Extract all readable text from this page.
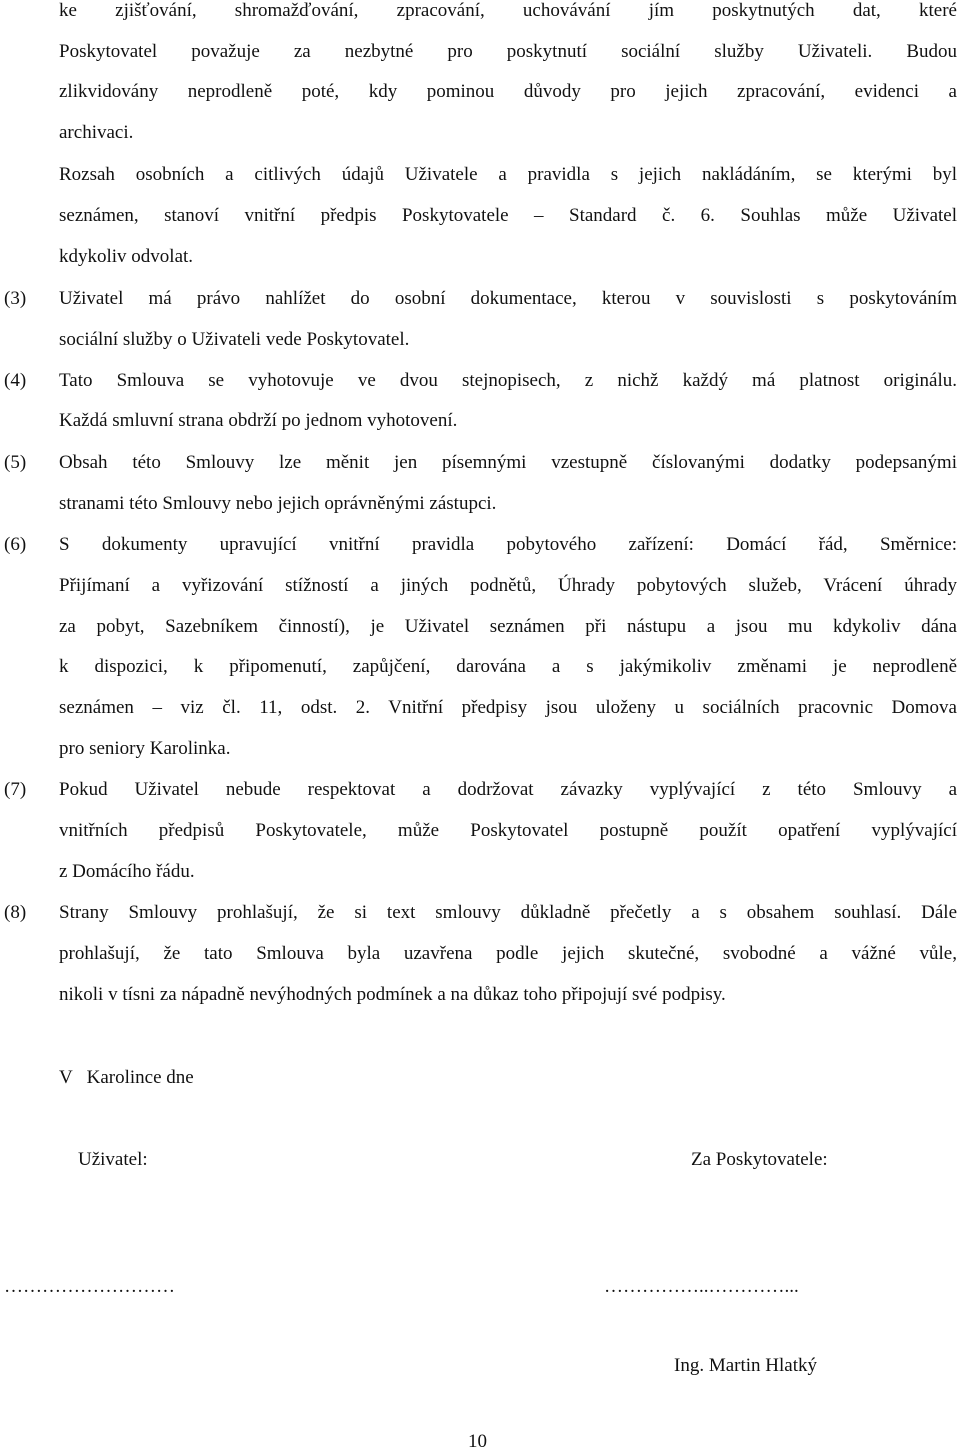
ke zjišťování, shromažďování, zpracování, uchovávání jím poskytnutých dat, které
Poskytovatel považuje za nezbytné pro poskytnutí sociální služby Uživateli. Budou
zlikvidovány neprodleně poté, kdy pominou důvody pro jejich zpracování, evidenci a
archivaci.
Rozsah osobních a citlivých údajů Uživatele a pravidla s jejich nakládáním, se kterými byl
seznámen, stanoví vnitřní předpis Poskytovatele – Standard č. 6. Souhlas může Uživatel
kdykoliv odvolat.
(3) Uživatel má právo nahlížet do osobní dokumentace, kterou v souvislosti s poskytováním
sociální služby o Uživateli vede Poskytovatel.
(4) Tato Smlouva se vyhotovuje ve dvou stejnopisech, z nichž každý má platnost originálu.
Každá smluvní strana obdrží po jednom vyhotovení.
(5) Obsah této Smlouvy lze měnit jen písemnými vzestupně číslovanými dodatky podepsanými
stranami této Smlouvy nebo jejich oprávněnými zástupci.
(6) S dokumenty upravující vnitřní pravidla pobytového zařízení: Domácí řád, Směrnice:
Přijímaní a vyřizování stížností a jiných podnětů, Úhrady pobytových služeb, Vrácení úhrady
za pobyt, Sazebníkem činností), je Uživatel seznámen při nástupu a jsou mu kdykoliv dána
k dispozici, k připomenutí, zapůjčení, darována a s jakýmikoliv změnami je neprodleně
seznámen – viz čl. 11, odst. 2. Vnitřní předpisy jsou uloženy u sociálních pracovnic Domova
pro seniory Karolinka.
(7) Pokud Uživatel nebude respektovat a dodržovat závazky vyplývající z této Smlouvy a
vnitřních předpisů Poskytovatele, může Poskytovatel postupně použít opatření vyplývající
z Domácího řádu.
(8) Strany Smlouvy prohlašují, že si text smlouvy důkladně přečetly a s obsahem souhlasí. Dále
prohlašují, že tato Smlouva byla uzavřena podle jejich skutečné, svobodné a vážné vůle,
nikoli v tísni za nápadně nevýhodných podmínek a na důkaz toho připojují své podpisy.
V   Karolince dne
Uživatel:	Za Poskytovatele:
………………………	……………..…………...
Ing. Martin Hlatký
10
